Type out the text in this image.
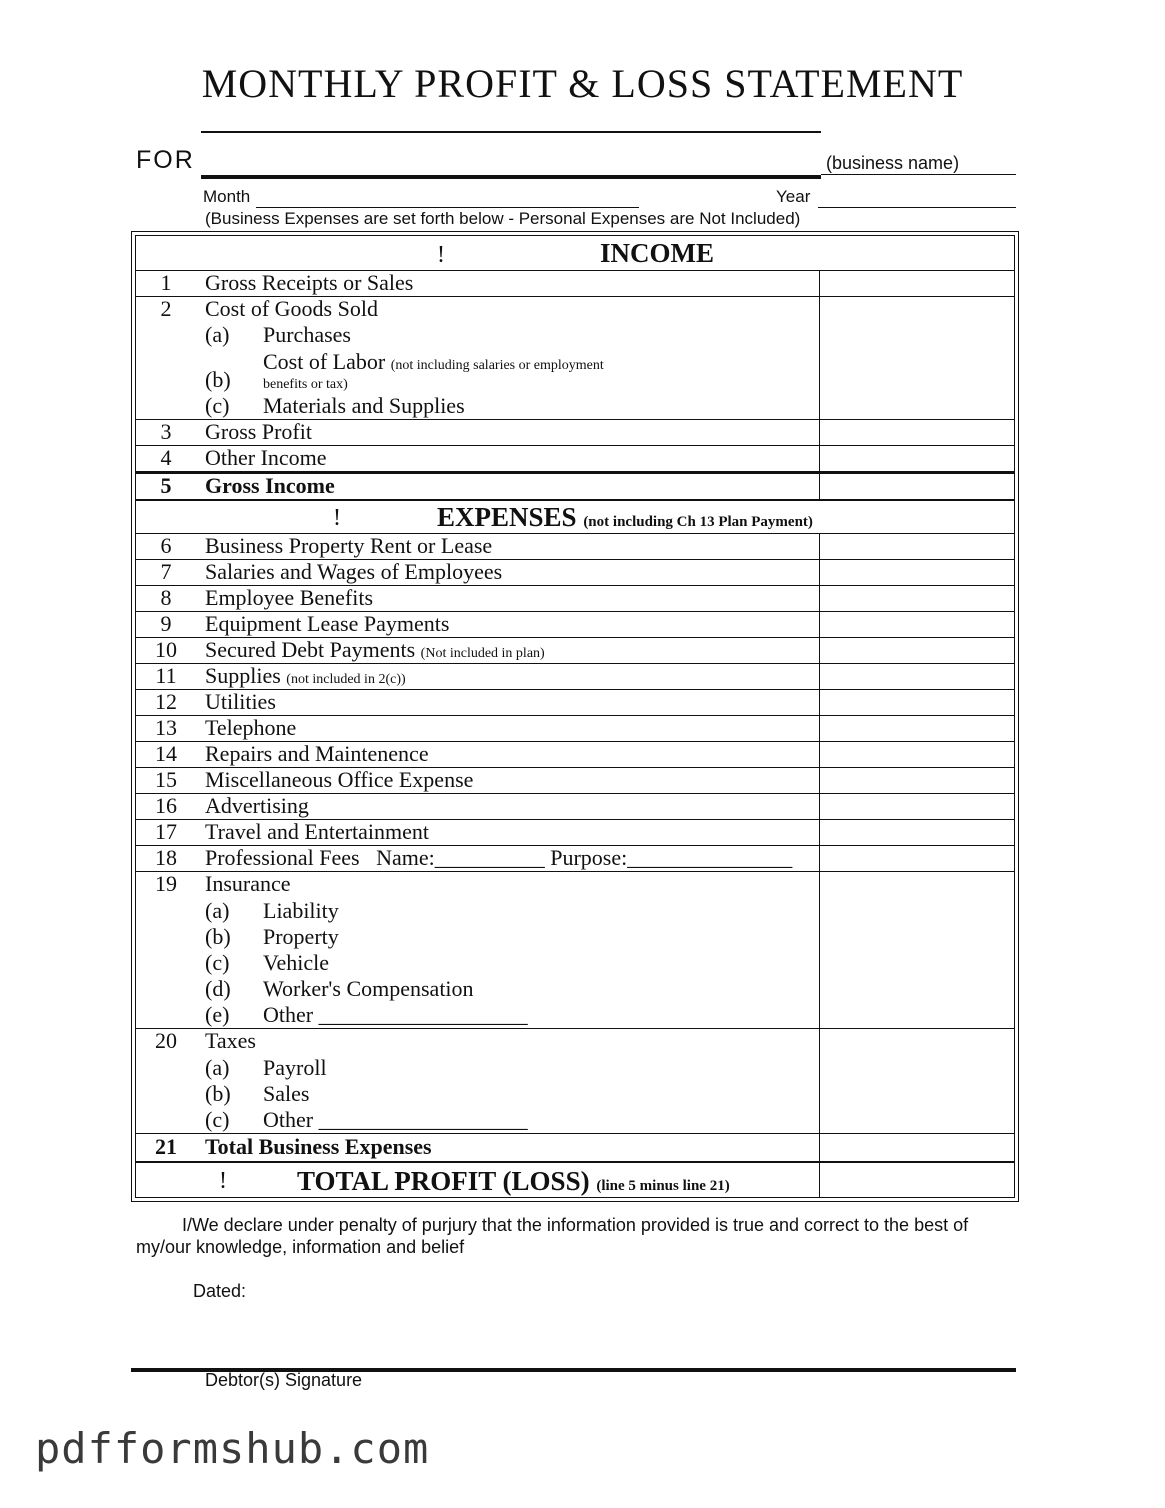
MONTHLY PROFIT & LOSS STATEMENT
FOR	(business name)
Month	Year
(Business Expenses are set forth below - Personal Expenses are Not Included)
!	INCOME
1	Gross Receipts or Sales
2	Cost of Goods Sold
(a) Purchases
Cost of Labor (not including salaries or employment
(b) benefits or tax)
(c) Materials and Supplies
3	Gross Profit
4	Other Income
5	Gross Income
!	EXPENSES (not including Ch 13 Plan Payment)
6	Business Property Rent or Lease
7	Salaries and Wages of Employees
8	Employee Benefits
9	Equipment Lease Payments
10	Secured Debt Payments (Not included in plan)
11	Supplies (not included in 2(c))
12	Utilities
13	Telephone
14	Repairs and Maintenence
15	Miscellaneous Office Expense
16	Advertising
17	Travel and Entertainment
18	Professional Fees   Name:__________ Purpose:_______________
19	Insurance
(a) Liability
(b) Property
(c) Vehicle
(d) Worker's Compensation
(e) Other ___________________
20	Taxes
(a) Payroll
(b) Sales
(c) Other ___________________
21	Total Business Expenses
!	TOTAL PROFIT (LOSS) (line 5 minus line 21)
I/We declare under penalty of purjury that the information provided is true and correct to the best of my/our knowledge, information and belief
Dated:
Debtor(s) Signature
pdfformshub.com
